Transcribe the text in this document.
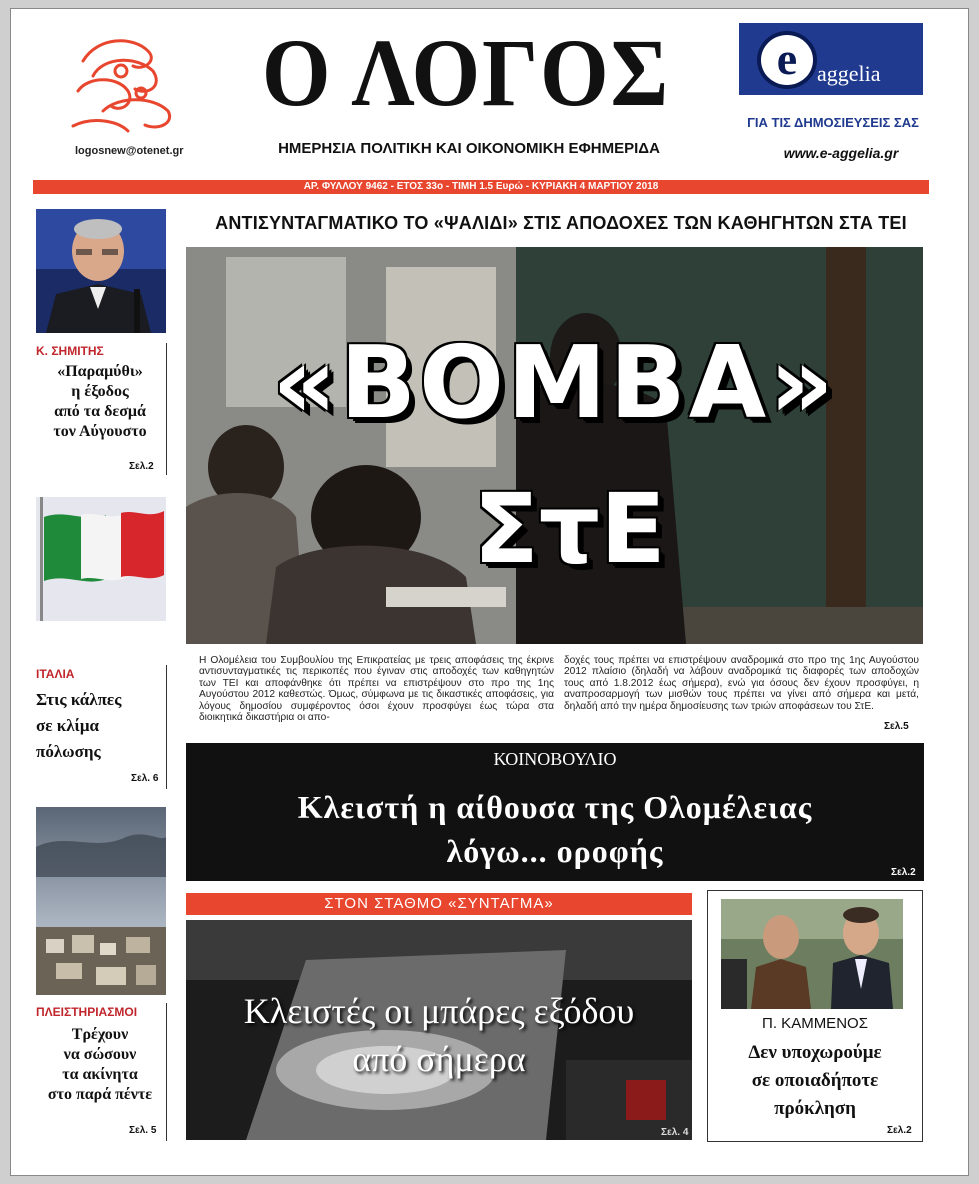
logosnew@otenet.gr
Ο ΛΟΓΟΣ
ΗΜΕΡΗΣΙΑ ΠΟΛΙΤΙΚΗ ΚΑΙ ΟΙΚΟΝΟΜΙΚΗ ΕΦΗΜΕΡΙΔΑ
e aggelia
ΓΙΑ ΤΙΣ ΔΗΜΟΣΙΕΥΣΕΙΣ ΣΑΣ
www.e-aggelia.gr
ΑΡ. ΦΥΛΛΟΥ 9462 - ΕΤΟΣ 33ο - ΤΙΜΗ 1.5 Ευρώ - ΚΥΡΙΑΚΗ 4 ΜΑΡΤΙΟΥ 2018
Κ. ΣΗΜΙΤΗΣ
«Παραμύθι»
η έξοδος
από τα δεσμά
τον Αύγουστο
Σελ.2
ΙΤΑΛΙΑ
Στις κάλπες
σε κλίμα
πόλωσης
Σελ. 6
ΠΛΕΙΣΤΗΡΙΑΣΜΟΙ
Τρέχουν
να σώσουν
τα ακίνητα
στο παρά πέντε
Σελ. 5
ΑΝΤΙΣΥΝΤΑΓΜΑΤΙΚΟ ΤΟ «ΨΑΛΙΔΙ» ΣΤΙΣ ΑΠΟΔΟΧΕΣ ΤΩΝ ΚΑΘΗΓΗΤΩΝ ΣΤΑ ΤΕΙ
«ΒΟΜΒΑ»
ΣτΕ
Η Ολομέλεια του Συμβουλίου της Επικρατείας με τρεις αποφάσεις της έκρινε αντισυνταγματικές τις περικοπές που έγιναν στις αποδοχές των καθηγητών των ΤΕΙ και αποφάνθηκε ότι πρέπει να επιστρέψουν στο προ της 1ης Αυγούστου 2012 καθεστώς. Όμως, σύμφωνα με τις δικαστικές αποφάσεις, για λόγους δημοσίου συμφέροντος όσοι έχουν προσφύγει έως τώρα στα διοικητικά δικαστήρια οι απο-
δοχές τους πρέπει να επιστρέψουν αναδρομικά στο προ της 1ης Αυγούστου 2012 πλαίσιο (δηλαδή να λάβουν αναδρομικά τις διαφορές των αποδοχών τους από 1.8.2012 έως σήμερα), ενώ για όσους δεν έχουν προσφύγει, η αναπροσαρμογή των μισθών τους πρέπει να γίνει από σήμερα και μετά, δηλαδή από την ημέρα δημοσίευσης των τριών αποφάσεων του ΣτΕ.
Σελ.5
ΚΟΙΝΟΒΟΥΛΙΟ
Κλειστή η αίθουσα της Ολομέλειας
λόγω... οροφής
Σελ.2
ΣΤΟΝ ΣΤΑΘΜΟ «ΣΥΝΤΑΓΜΑ»
Κλειστές οι μπάρες εξόδου
από σήμερα
Σελ. 4
Π. ΚΑΜΜΕΝΟΣ
Δεν υποχωρούμε
σε οποιαδήποτε
πρόκληση
Σελ.2
